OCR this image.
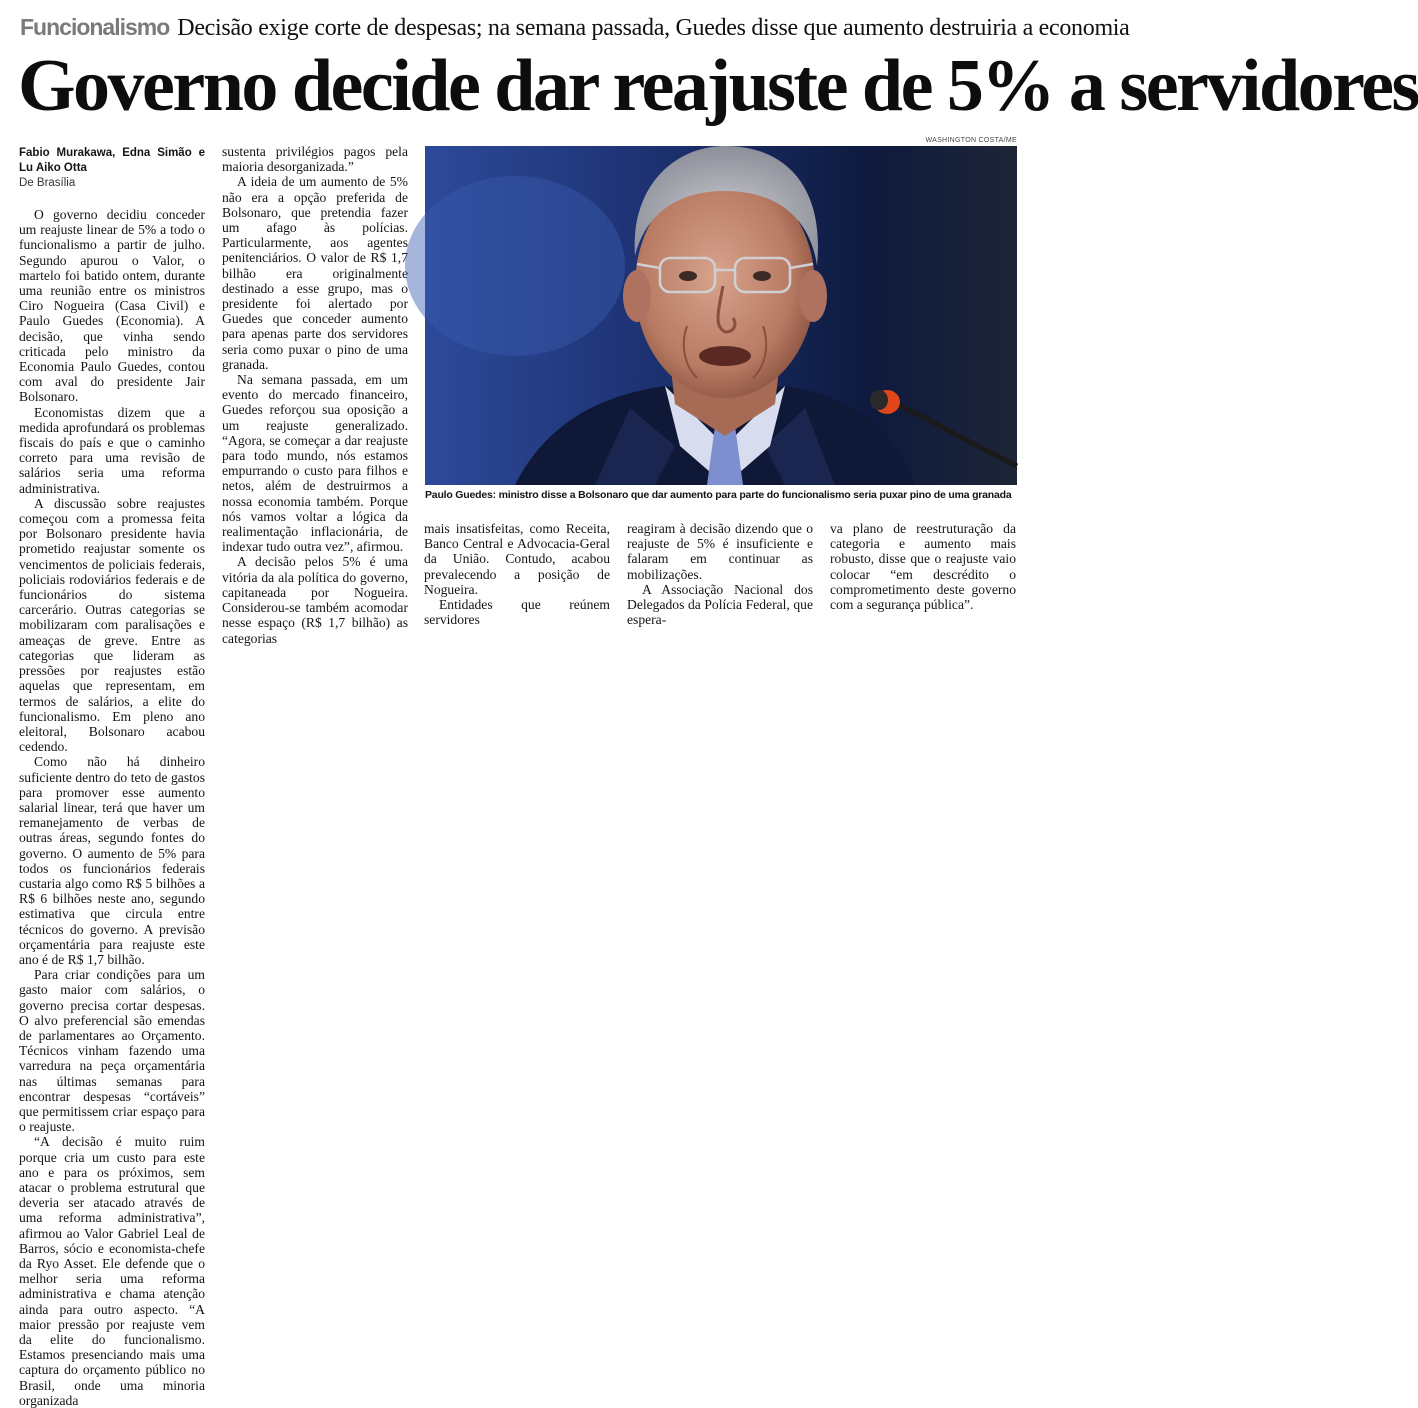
Funcionalismo Decisão exige corte de despesas; na semana passada, Guedes disse que aumento destruiria a economia
Governo decide dar reajuste de 5% a servidores
Fabio Murakawa, Edna Simão e Lu Aiko Otta
De Brasília

O governo decidiu conceder um reajuste linear de 5% a todo o funcionalismo a partir de julho. Segundo apurou o Valor, o martelo foi batido ontem, durante uma reunião entre os ministros Ciro Nogueira (Casa Civil) e Paulo Guedes (Economia). A decisão, que vinha sendo criticada pelo ministro da Economia Paulo Guedes, contou com aval do presidente Jair Bolsonaro.

Economistas dizem que a medida aprofundará os problemas fiscais do país e que o caminho correto para uma revisão de salários seria uma reforma administrativa.

A discussão sobre reajustes começou com a promessa feita por Bolsonaro presidente havia prometido reajustar somente os vencimentos de policiais federais, policiais rodoviários federais e de funcionários do sistema carcerário. Outras categorias se mobilizaram com paralisações e ameaças de greve. Entre as categorias que lideram as pressões por reajustes estão aquelas que representam, em termos de salários, a elite do funcionalismo. Em pleno ano eleitoral, Bolsonaro acabou cedendo.

Como não há dinheiro suficiente dentro do teto de gastos para promover esse aumento salarial linear, terá que haver um remanejamento de verbas de outras áreas, segundo fontes do governo. O aumento de 5% para todos os funcionários federais custaria algo como R$ 5 bilhões a R$ 6 bilhões neste ano, segundo estimativa que circula entre técnicos do governo. A previsão orçamentária para reajuste este ano é de R$ 1,7 bilhão.

Para criar condições para um gasto maior com salários, o governo precisa cortar despesas. O alvo preferencial são emendas de parlamentares ao Orçamento. Técnicos vinham fazendo uma varredura na peça orçamentária nas últimas semanas para encontrar despesas “cortáveis” que permitissem criar espaço para o reajuste.

“A decisão é muito ruim porque cria um custo para este ano e para os próximos, sem atacar o problema estrutural que deveria ser atacado através de uma reforma administrativa”, afirmou ao Valor Gabriel Leal de Barros, sócio e economista-chefe da Ryo Asset. Ele defende que o melhor seria uma reforma administrativa e chama atenção ainda para outro aspecto. “A maior pressão por reajuste vem da elite do funcionalismo. Estamos presenciando mais uma captura do orçamento público no Brasil, onde uma minoria organizada

sustenta privilégios pagos pela maioria desorganizada.”

A ideia de um aumento de 5% não era a opção preferida de Bolsonaro, que pretendia fazer um afago às polícias. Particularmente, aos agentes penitenciários. O valor de R$ 1,7 bilhão era originalmente destinado a esse grupo, mas o presidente foi alertado por Guedes que conceder aumento para apenas parte dos servidores seria como puxar o pino de uma granada.

Na semana passada, em um evento do mercado financeiro, Guedes reforçou sua oposição a um reajuste generalizado. “Agora, se começar a dar reajuste para todo mundo, nós estamos empurrando o custo para filhos e netos, além de destruirmos a nossa economia também. Porque nós vamos voltar a lógica da realimentação inflacionária, de indexar tudo outra vez”, afirmou.

A decisão pelos 5% é uma vitória da ala política do governo, capitaneada por Nogueira. Considerou-se também acomodar nesse espaço (R$ 1,7 bilhão) as categorias

WASHINGTON COSTA/ME
Paulo Guedes: ministro disse a Bolsonaro que dar aumento para parte do funcionalismo seria puxar pino de uma granada

mais insatisfeitas, como Receita, Banco Central e Advocacia-Geral da União. Contudo, acabou prevalecendo a posição de Nogueira.

Entidades que reúnem servidores

reagiram à decisão dizendo que o reajuste de 5% é insuficiente e falaram em continuar as mobilizações.

A Associação Nacional dos Delegados da Polícia Federal, que espera-

va plano de reestruturação da categoria e aumento mais robusto, disse que o reajuste vaio colocar “em descrédito o comprometimento deste governo com a segurança pública”.
